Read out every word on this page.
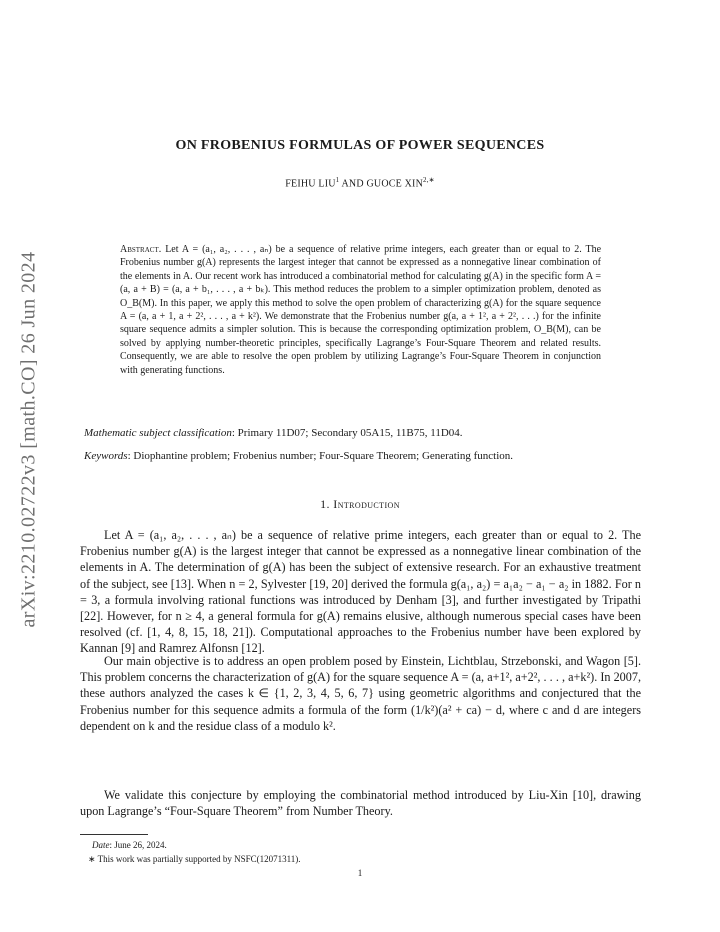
arXiv:2210.02722v3 [math.CO] 26 Jun 2024
ON FROBENIUS FORMULAS OF POWER SEQUENCES
FEIHU LIU$^1$ AND GUOCE $XIN^{2,∗}$
Abstract. Let A = (a₁, a₂, . . . , aₙ) be a sequence of relative prime integers, each greater than or equal to 2. The Frobenius number g(A) represents the largest integer that cannot be expressed as a nonnegative linear combination of the elements in A. Our recent work has introduced a combinatorial method for calculating g(A) in the specific form A = (a, a + B) = (a, a + b₁, . . . , a + bₖ). This method reduces the problem to a simpler optimization problem, denoted as O_B(M). In this paper, we apply this method to solve the open problem of characterizing g(A) for the square sequence A = (a, a + 1, a + 2², . . . , a + k²). We demonstrate that the Frobenius number g(a, a + 1², a + 2², . . .) for the infinite square sequence admits a simpler solution. This is because the corresponding optimization problem, O_B(M), can be solved by applying number-theoretic principles, specifically Lagrange’s Four-Square Theorem and related results. Consequently, we are able to resolve the open problem by utilizing Lagrange’s Four-Square Theorem in conjunction with generating functions.
Mathematic subject classification: Primary 11D07; Secondary 05A15, 11B75, 11D04.
Keywords: Diophantine problem; Frobenius number; Four-Square Theorem; Generating function.
1. Introduction
Let A = (a₁, a₂, . . . , aₙ) be a sequence of relative prime integers, each greater than or equal to 2. The Frobenius number g(A) is the largest integer that cannot be expressed as a nonnegative linear combination of the elements in A. The determination of g(A) has been the subject of extensive research. For an exhaustive treatment of the subject, see [13]. When n = 2, Sylvester [19, 20] derived the formula g(a₁, a₂) = a₁a₂ − a₁ − a₂ in 1882. For n = 3, a formula involving rational functions was introduced by Denham [3], and further investigated by Tripathi [22]. However, for n ≥ 4, a general formula for g(A) remains elusive, although numerous special cases have been resolved (cf. [1, 4, 8, 15, 18, 21]). Computational approaches to the Frobenius number have been explored by Kannan [9] and Ramrez Alfonsn [12].
Our main objective is to address an open problem posed by Einstein, Lichtblau, Strzebonski, and Wagon [5]. This problem concerns the characterization of g(A) for the square sequence A = (a, a+1², a+2², . . . , a+k²). In 2007, these authors analyzed the cases k ∈ {1, 2, 3, 4, 5, 6, 7} using geometric algorithms and conjectured that the Frobenius number for this sequence admits a formula of the form (1/k²)(a² + ca) − d, where c and d are integers dependent on k and the residue class of a modulo k².
We validate this conjecture by employing the combinatorial method introduced by Liu-Xin [10], drawing upon Lagrange’s “Four-Square Theorem” from Number Theory.
Date: June 26, 2024.
∗ This work was partially supported by NSFC(12071311).
1
